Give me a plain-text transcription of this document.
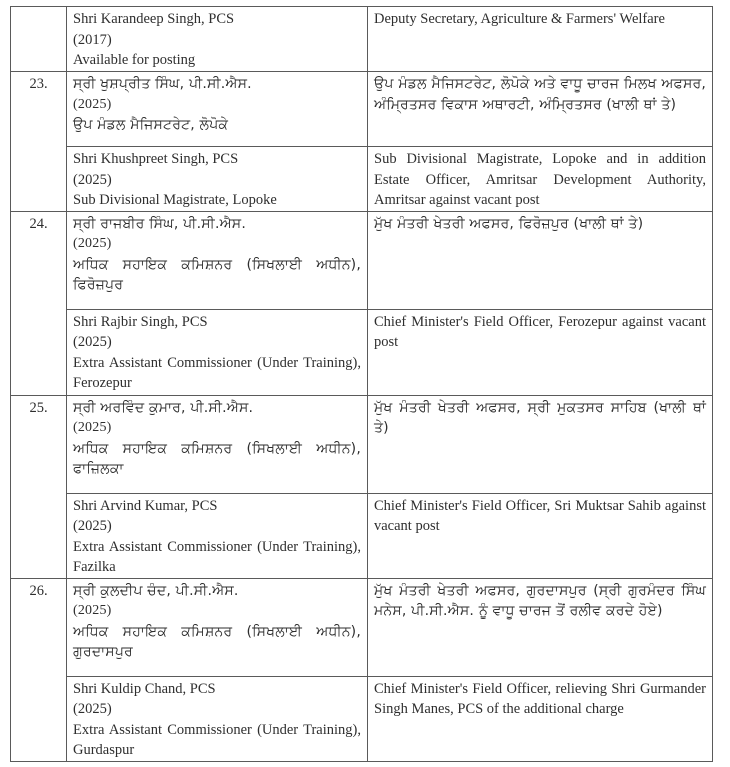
	Shri Karandeep Singh, PCS
(2017)
Available for posting	Deputy Secretary, Agriculture & Farmers' Welfare

23.	ਸ੍ਰੀ ਖੁਸ਼ਪ੍ਰੀਤ ਸਿੰਘ, ਪੀ.ਸੀ.ਐਸ.
(2025)
ਉਪ ਮੰਡਲ ਮੈਜਿਸਟਰੇਟ, ਲੋਪੋਕੇ	ਉਪ ਮੰਡਲ ਮੈਜਿਸਟਰੇਟ, ਲੋਪੋਕੇ ਅਤੇ ਵਾਧੂ ਚਾਰਜ ਮਿਲਖ ਅਫਸਰ, ਅੰਮ੍ਰਿਤਸਰ ਵਿਕਾਸ ਅਥਾਰਟੀ, ਅੰਮ੍ਰਿਤਸਰ (ਖਾਲੀ ਥਾਂ ਤੇ)

	Shri Khushpreet Singh, PCS
(2025)
Sub Divisional Magistrate, Lopoke	Sub Divisional Magistrate, Lopoke and in addition Estate Officer, Amritsar Development Authority, Amritsar against vacant post

24.	ਸ੍ਰੀ ਰਾਜਬੀਰ ਸਿੰਘ, ਪੀ.ਸੀ.ਐਸ.
(2025)
ਅਧਿਕ ਸਹਾਇਕ ਕਮਿਸ਼ਨਰ (ਸਿਖਲਾਈ ਅਧੀਨ), ਫਿਰੋਜ਼ਪੁਰ	ਮੁੱਖ ਮੰਤਰੀ ਖੇਤਰੀ ਅਫਸਰ, ਫਿਰੋਜ਼ਪੁਰ (ਖਾਲੀ ਥਾਂ ਤੇ)

	Shri Rajbir Singh, PCS
(2025)
Extra Assistant Commissioner (Under Training), Ferozepur	Chief Minister's Field Officer, Ferozepur against vacant post

25.	ਸ੍ਰੀ ਅਰਵਿੰਦ ਕੁਮਾਰ, ਪੀ.ਸੀ.ਐਸ.
(2025)
ਅਧਿਕ ਸਹਾਇਕ ਕਮਿਸ਼ਨਰ (ਸਿਖਲਾਈ ਅਧੀਨ), ਫਾਜ਼ਿਲਕਾ	ਮੁੱਖ ਮੰਤਰੀ ਖੇਤਰੀ ਅਫਸਰ, ਸ੍ਰੀ ਮੁਕਤਸਰ ਸਾਹਿਬ (ਖਾਲੀ ਥਾਂ ਤੇ)

	Shri Arvind Kumar, PCS
(2025)
Extra Assistant Commissioner (Under Training), Fazilka	Chief Minister's Field Officer, Sri Muktsar Sahib against vacant post

26.	ਸ੍ਰੀ ਕੁਲਦੀਪ ਚੰਦ, ਪੀ.ਸੀ.ਐਸ.
(2025)
ਅਧਿਕ ਸਹਾਇਕ ਕਮਿਸ਼ਨਰ (ਸਿਖਲਾਈ ਅਧੀਨ), ਗੁਰਦਾਸਪੁਰ	ਮੁੱਖ ਮੰਤਰੀ ਖੇਤਰੀ ਅਫਸਰ, ਗੁਰਦਾਸਪੁਰ (ਸ੍ਰੀ ਗੁਰਮੰਦਰ ਸਿੰਘ ਮਨੇਸ, ਪੀ.ਸੀ.ਐਸ. ਨੂੰ ਵਾਧੂ ਚਾਰਜ ਤੋਂ ਰਲੀਵ ਕਰਦੇ ਹੋਏ)

	Shri Kuldip Chand, PCS
(2025)
Extra Assistant Commissioner (Under Training), Gurdaspur	Chief Minister's Field Officer, relieving Shri Gurmander Singh Manes, PCS of the additional charge
